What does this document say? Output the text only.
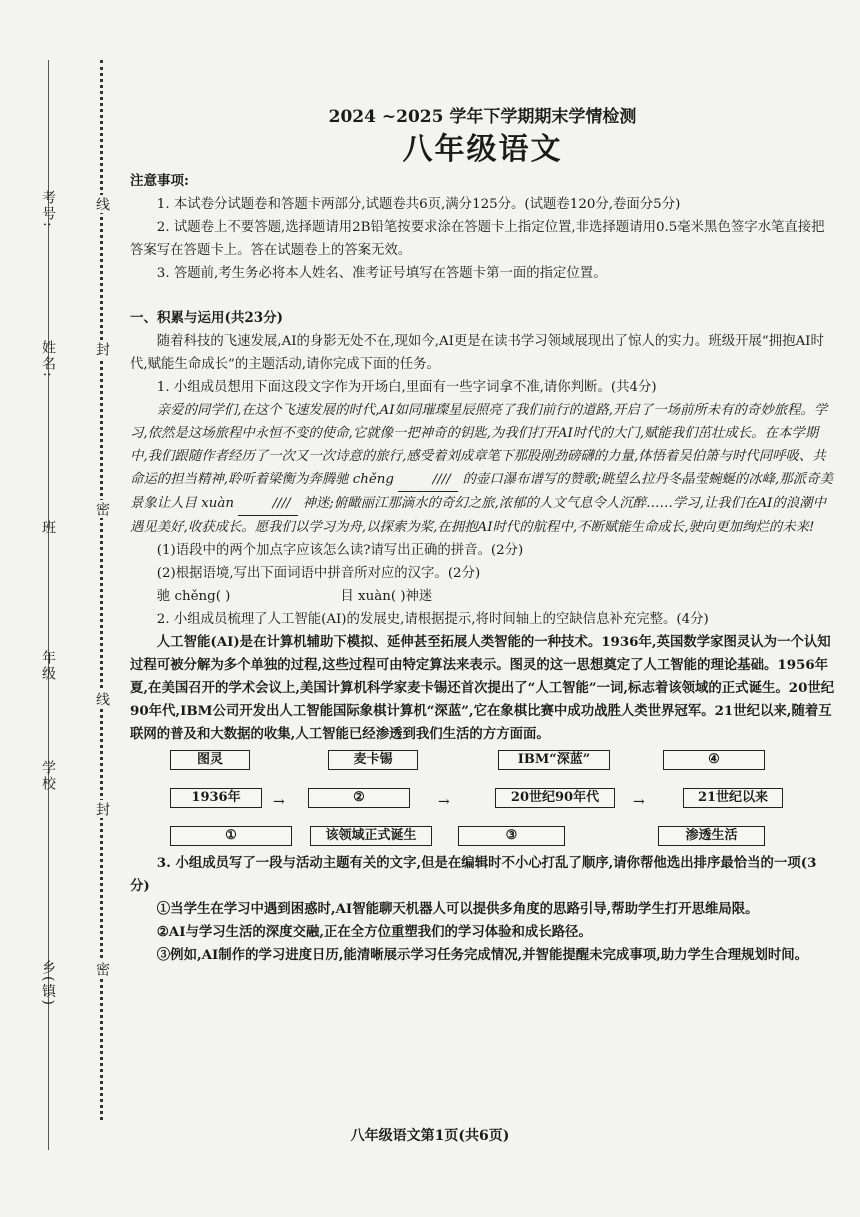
考号:
姓名:
班
年级
学校
乡(镇)
线
封
密
线
封
密
2024 ~2025 学年下学期期末学情检测
八年级语文

注意事项:

1. 本试卷分试题卷和答题卡两部分,试题卷共6页,满分125分。(试题卷120分,卷面分5分)

2. 试题卷上不要答题,选择题请用2B铅笔按要求涂在答题卡上指定位置,非选择题请用0.5毫米黑色签字水笔直接把答案写在答题卡上。答在试题卷上的答案无效。

3. 答题前,考生务必将本人姓名、准考证号填写在答题卡第一面的指定位置。

一、积累与运用(共23分)

随着科技的飞速发展,AI的身影无处不在,现如今,AI更是在读书学习领域展现出了惊人的实力。班级开展“拥抱AI时代,赋能生命成长”的主题活动,请你完成下面的任务。

1. 小组成员想用下面这段文字作为开场白,里面有一些字词拿不准,请你判断。(共4分)

亲爱的同学们,在这个飞速发展的时代,AI如同璀璨星辰照亮了我们前行的道路,开启了一场前所未有的奇妙旅程。学习,依然是这场旅程中永恒不变的使命,它就像一把神奇的钥匙,为我们打开AI时代的大门,赋能我们茁壮成长。在本学期中,我们跟随作者经历了一次又一次诗意的旅行,感受着刘成章笔下那股刚劲磅礴的力量,体悟着吴伯箫与时代同呼吸、共命运的担当精神,聆听着梁衡为奔腾驰 chěng	//// 的壶口瀑布谱写的赞歌;眺望么拉丹冬晶莹蜿蜒的冰峰,那派奇美景象让人目 xuàn	//// 神迷;俯瞰丽江那滴水的奇幻之旅,浓郁的人文气息令人沉醉……学习,让我们在AI的浪潮中遇见美好,收获成长。愿我们以学习为舟,以探索为桨,在拥抱AI时代的航程中,不断赋能生命成长,驶向更加绚烂的未来!

(1)语段中的两个加点字应该怎么读?请写出正确的拼音。(2分)

(2)根据语境,写出下面词语中拼音所对应的汉字。(2分)

驰 chěng( )	目 xuàn( )神迷

2. 小组成员梳理了人工智能(AI)的发展史,请根据提示,将时间轴上的空缺信息补充完整。(4分)

人工智能(AI)是在计算机辅助下模拟、延伸甚至拓展人类智能的一种技术。1936年,英国数学家图灵认为一个认知过程可被分解为多个单独的过程,这些过程可由特定算法来表示。图灵的这一思想奠定了人工智能的理论基础。1956年夏,在美国召开的学术会议上,美国计算机科学家麦卡锡还首次提出了“人工智能”一词,标志着该领域的正式诞生。20世纪90年代,IBM公司开发出人工智能国际象棋计算机“深蓝”,它在象棋比赛中成功战胜人类世界冠军。21世纪以来,随着互联网的普及和大数据的收集,人工智能已经渗透到我们生活的方方面面。

图灵	麦卡锡	IBM“深蓝”	④
1936年	→	②	→	20世纪90年代	→	21世纪以来
①	该领域正式诞生	③	渗透生活

3. 小组成员写了一段与活动主题有关的文字,但是在编辑时不小心打乱了顺序,请你帮他选出排序最恰当的一项(3分)

①当学生在学习中遇到困惑时,AI智能聊天机器人可以提供多角度的思路引导,帮助学生打开思维局限。

②AI与学习生活的深度交融,正在全方位重塑我们的学习体验和成长路径。

③例如,AI制作的学习进度日历,能清晰展示学习任务完成情况,并智能提醒未完成事项,助力学生合理规划时间。

八年级语文第1页(共6页)
